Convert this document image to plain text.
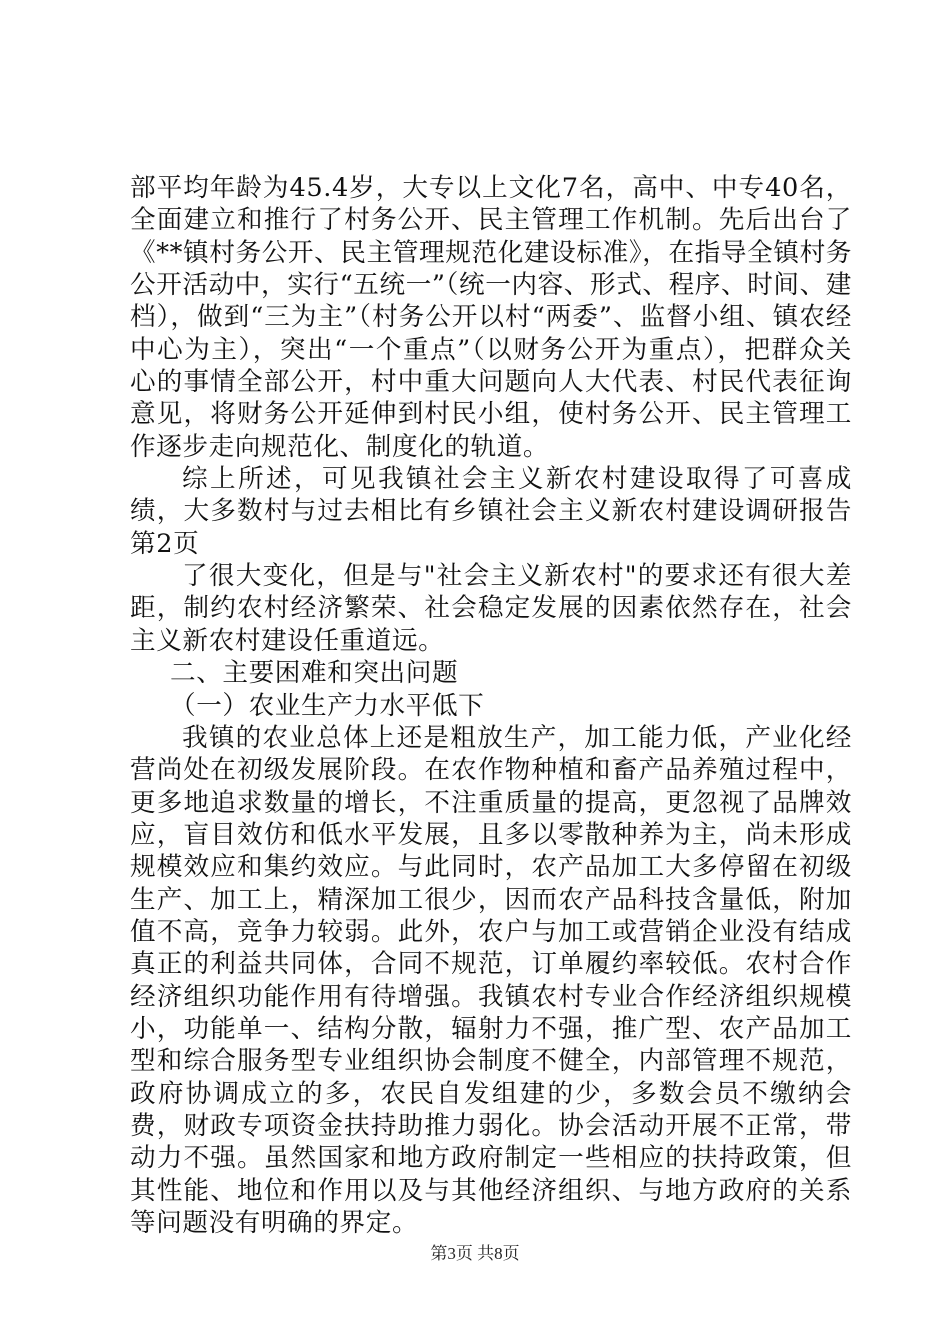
部平均年龄为45.4岁，大专以上文化7名，高中、中专40名，全面建立和推行了村务公开、民主管理工作机制。先后出台了《**镇村务公开、民主管理规范化建设标准》，在指导全镇村务公开活动中，实行“五统一”（统一内容、形式、程序、时间、建档），做到“三为主”（村务公开以村“两委”、监督小组、镇农经中心为主），突出“一个重点”（以财务公开为重点），把群众关心的事情全部公开，村中重大问题向人大代表、村民代表征询意见，将财务公开延伸到村民小组，使村务公开、民主管理工作逐步走向规范化、制度化的轨道。

综上所述，可见我镇社会主义新农村建设取得了可喜成绩，大多数村与过去相比有乡镇社会主义新农村建设调研报告第2页

了很大变化，但是与"社会主义新农村"的要求还有很大差距，制约农村经济繁荣、社会稳定发展的因素依然存在，社会主义新农村建设任重道远。

二、主要困难和突出问题

（一）农业生产力水平低下

我镇的农业总体上还是粗放生产，加工能力低，产业化经营尚处在初级发展阶段。在农作物种植和畜产品养殖过程中，更多地追求数量的增长，不注重质量的提高，更忽视了品牌效应，盲目效仿和低水平发展，且多以零散种养为主，尚未形成规模效应和集约效应。与此同时，农产品加工大多停留在初级生产、加工上，精深加工很少，因而农产品科技含量低，附加值不高，竞争力较弱。此外，农户与加工或营销企业没有结成真正的利益共同体，合同不规范，订单履约率较低。农村合作经济组织功能作用有待增强。我镇农村专业合作经济组织规模小，功能单一、结构分散，辐射力不强，推广型、农产品加工型和综合服务型专业组织协会制度不健全，内部管理不规范，政府协调成立的多，农民自发组建的少，多数会员不缴纳会费，财政专项资金扶持助推力弱化。协会活动开展不正常，带动力不强。虽然国家和地方政府制定一些相应的扶持政策，但其性能、地位和作用以及与其他经济组织、与地方政府的关系等问题没有明确的界定。

第3页 共8页
